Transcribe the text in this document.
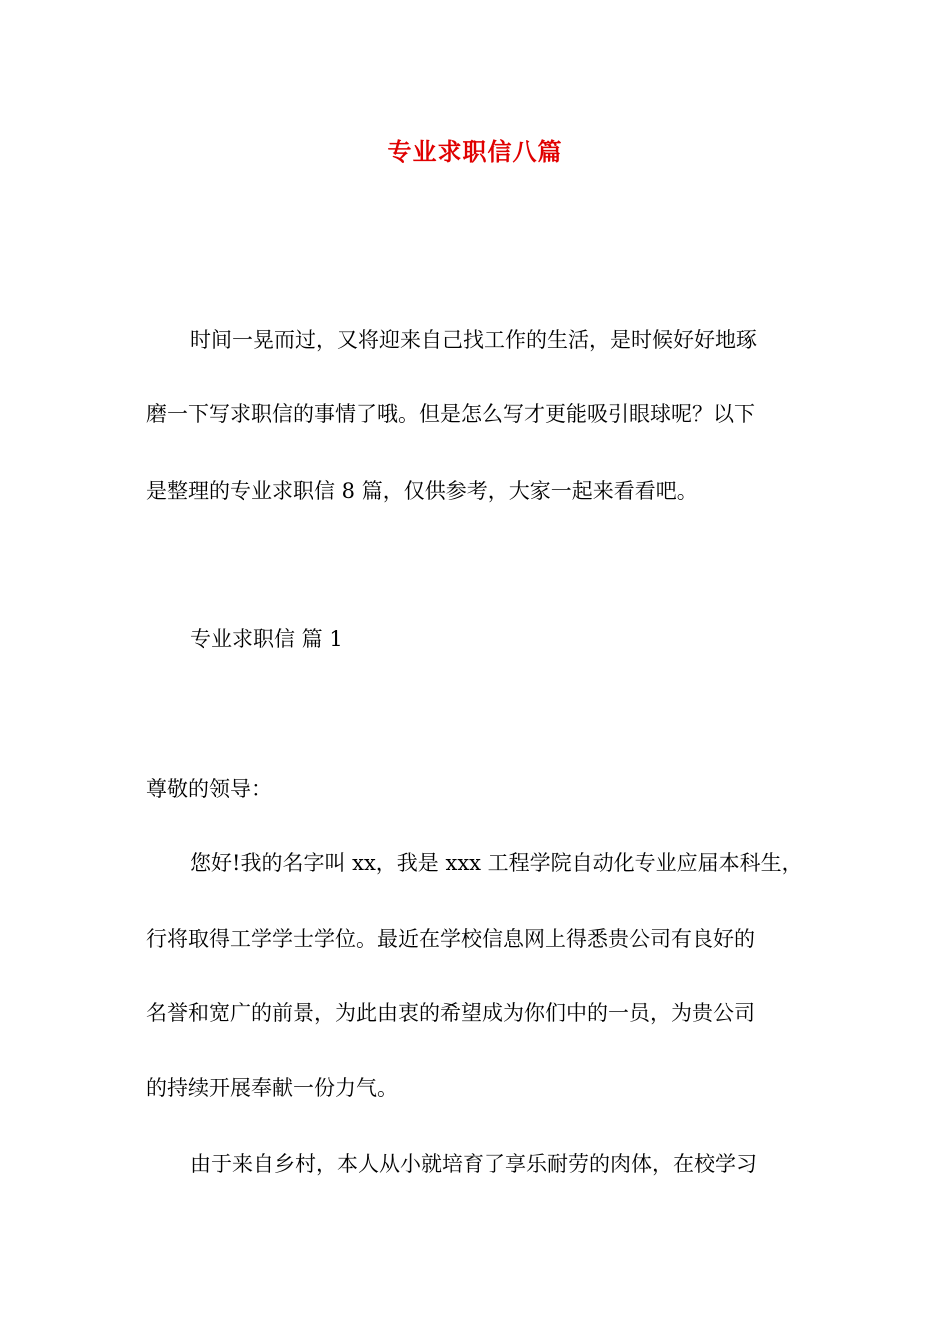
专业求职信八篇
时间一晃而过，又将迎来自己找工作的生活，是时候好好地琢
磨一下写求职信的事情了哦。但是怎么写才更能吸引眼球呢？以下
是整理的专业求职信 8 篇，仅供参考，大家一起来看看吧。
专业求职信 篇 1
尊敬的领导：
您好!我的名字叫 xx，我是 xxx 工程学院自动化专业应届本科生，
行将取得工学学士学位。最近在学校信息网上得悉贵公司有良好的
名誉和宽广的前景，为此由衷的希望成为你们中的一员，为贵公司
的持续开展奉献一份力气。
由于来自乡村，本人从小就培育了享乐耐劳的肉体，在校学习
